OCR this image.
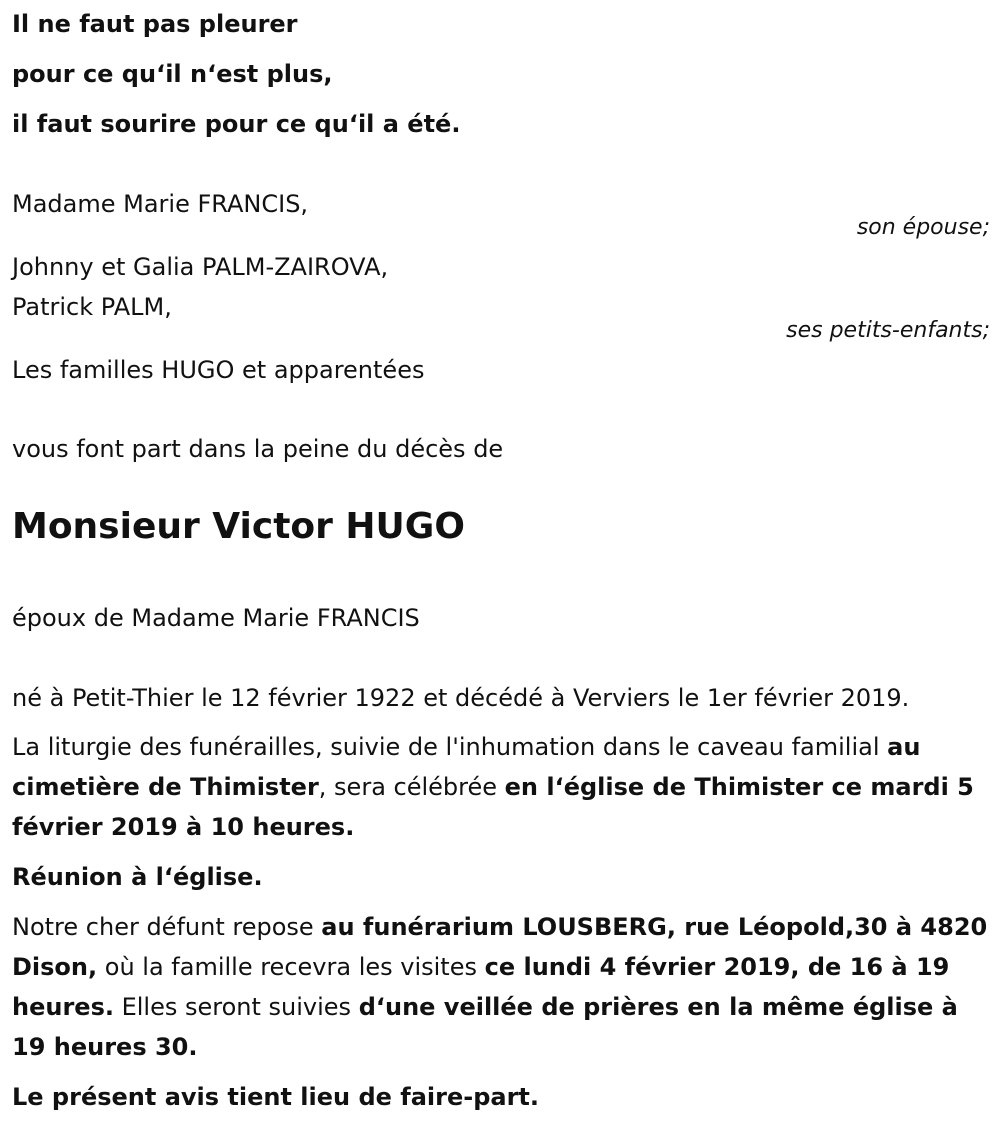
Il ne faut pas pleurer

pour ce qu‘il n‘est plus,

il faut sourire pour ce qu‘il a été.

Madame Marie FRANCIS,

son épouse;

Johnny et Galia PALM-ZAIROVA,

Patrick PALM,

ses petits-enfants;

Les familles HUGO et apparentées

vous font part dans la peine du décès de

Monsieur Victor HUGO

époux de Madame Marie FRANCIS

né à Petit-Thier le 12 février 1922 et décédé à Verviers le 1er février 2019.

La liturgie des funérailles, suivie de l'inhumation dans le caveau familial au cimetière de Thimister, sera célébrée en l‘église de Thimister ce mardi 5 février 2019 à 10 heures.

Réunion à l‘église.

Notre cher défunt repose au funérarium LOUSBERG, rue Léopold,30 à 4820 Dison, où la famille recevra les visites ce lundi 4 février 2019, de 16 à 19 heures. Elles seront suivies d‘une veillée de prières en la même église à 19 heures 30.

Le présent avis tient lieu de faire-part.
